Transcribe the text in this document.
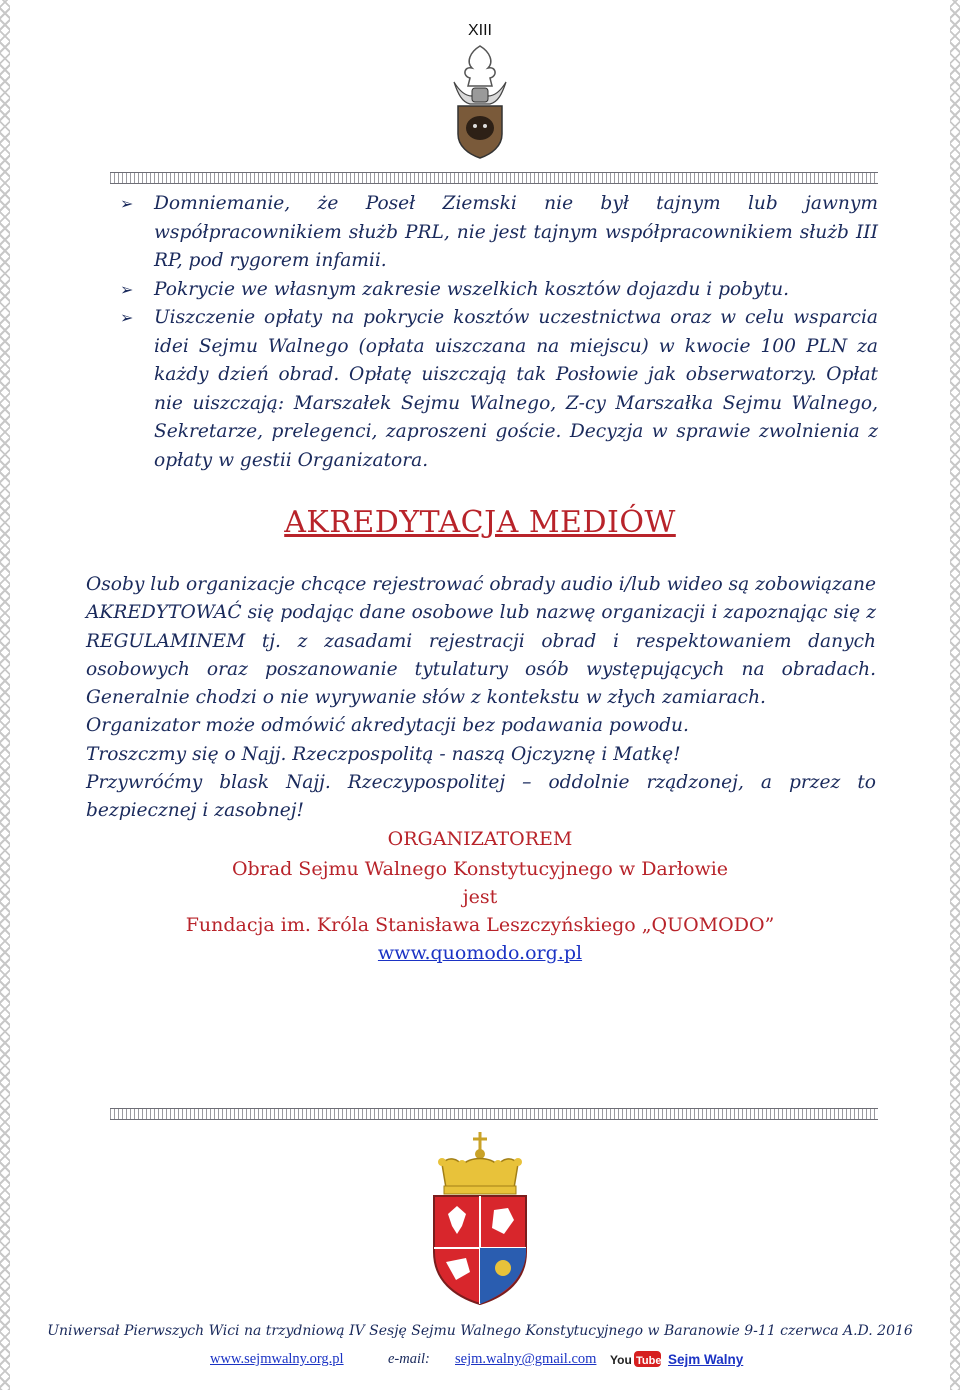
XIII
➢ Domniemanie, że Poseł Ziemski nie był tajnym lub jawnym współpracownikiem służb PRL, nie jest tajnym współpracownikiem służb III RP, pod rygorem infamii.
➢ Pokrycie we własnym zakresie wszelkich kosztów dojazdu i pobytu.
➢ Uiszczenie opłaty na pokrycie kosztów uczestnictwa oraz w celu wsparcia idei Sejmu Walnego (opłata uiszczana na miejscu) w kwocie 100 PLN za każdy dzień obrad. Opłatę uiszczają tak Posłowie jak obserwatorzy. Opłat nie uiszczają: Marszałek Sejmu Walnego, Z-cy Marszałka Sejmu Walnego, Sekretarze, prelegenci, zaproszeni goście. Decyzja w sprawie zwolnienia z opłaty w gestii Organizatora.
AKREDYTACJA MEDIÓW

Osoby lub organizacje chcące rejestrować obrady audio i/lub wideo są zobowiązane AKREDYTOWAĆ się podając dane osobowe lub nazwę organizacji i zapoznając się z REGULAMINEM tj. z zasadami rejestracji obrad i respektowaniem danych osobowych oraz poszanowanie tytulatury osób występujących na obradach. Generalnie chodzi o nie wyrywanie słów z kontekstu w złych zamiarach.

Organizator może odmówić akredytacji bez podawania powodu.

Troszczmy się o Najj. Rzeczpospolitą - naszą Ojczyznę i Matkę!

Przywróćmy blask Najj. Rzeczypospolitej – oddolnie rządzonej, a przez to bezpiecznej i zasobnej!

ORGANIZATOREM
Obrad Sejmu Walnego Konstytucyjnego w Darłowie
jest
Fundacja im. Króla Stanisława Leszczyńskiego „QUOMODO”
www.quomodo.org.pl
Uniwersał Pierwszych Wici na trzydniową IV Sesję Sejmu Walnego Konstytucyjnego w Baranowie 9-11 czerwca A.D. 2016
www.sejmwalny.org.pl	e-mail: sejm.walny@gmail.com You Tube Sejm Walny
